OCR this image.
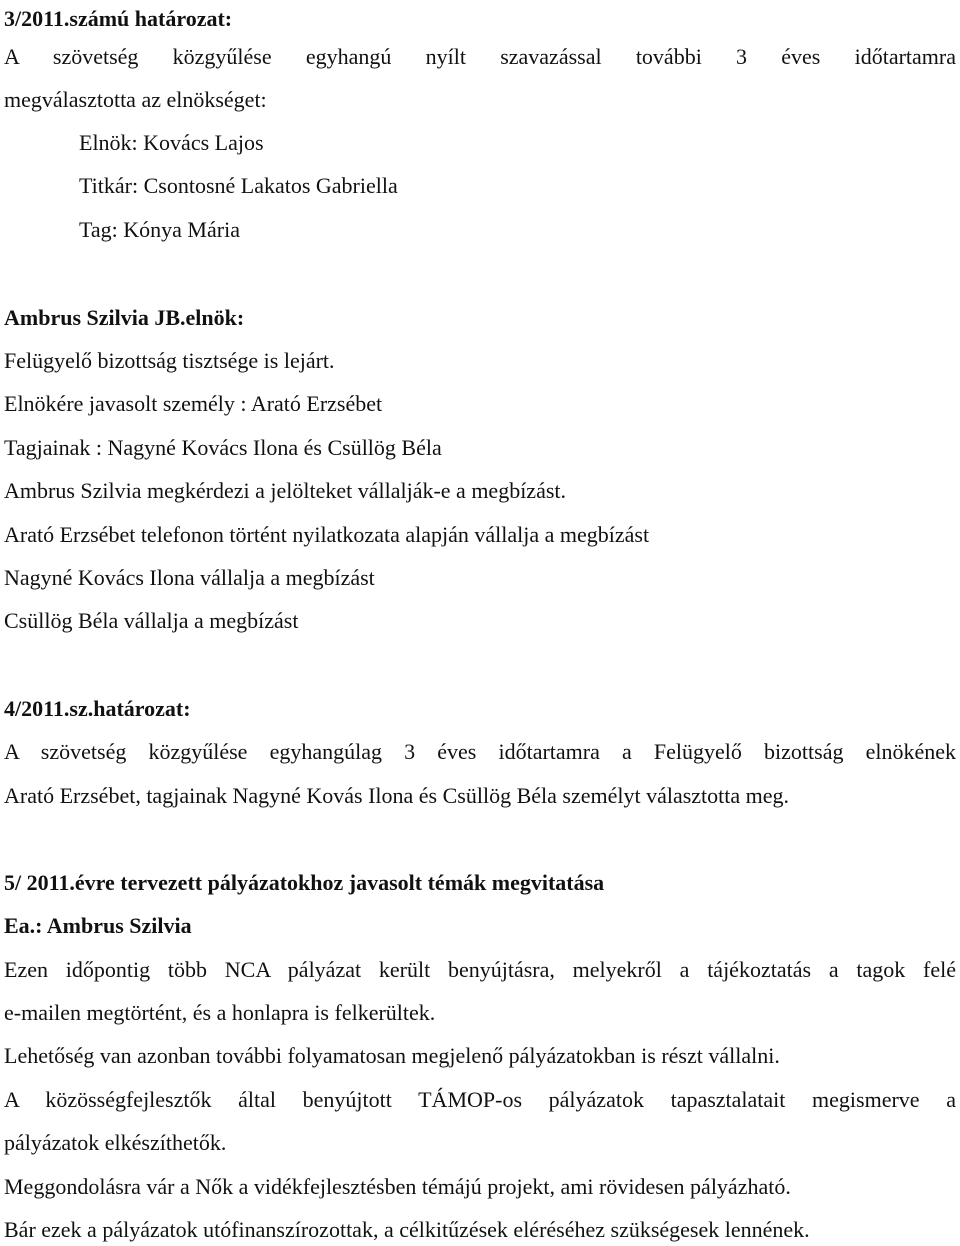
3/2011.számú határozat:
A szövetség közgyűlése egyhangú nyílt szavazással további 3 éves időtartamra
megválasztotta az elnökséget:
Elnök: Kovács Lajos
Titkár: Csontosné Lakatos Gabriella
Tag: Kónya Mária
Ambrus Szilvia JB.elnök:
Felügyelő bizottság tisztsége is lejárt.
Elnökére javasolt személy : Arató Erzsébet
Tagjainak : Nagyné Kovács Ilona és Csüllög Béla
Ambrus Szilvia megkérdezi a jelölteket vállalják-e a megbízást.
Arató Erzsébet telefonon történt nyilatkozata alapján vállalja a megbízást
Nagyné Kovács Ilona vállalja a megbízást
Csüllög Béla vállalja a megbízást
4/2011.sz.határozat:
A szövetség közgyűlése egyhangúlag 3 éves időtartamra a Felügyelő bizottság elnökének
Arató Erzsébet, tagjainak Nagyné Kovás Ilona és Csüllög Béla személyt választotta meg.
5/ 2011.évre tervezett pályázatokhoz javasolt témák megvitatása
Ea.: Ambrus Szilvia
Ezen időpontig több NCA pályázat került benyújtásra, melyekről a tájékoztatás a tagok felé
e-mailen megtörtént, és a honlapra is felkerültek.
Lehetőség van azonban további folyamatosan megjelenő pályázatokban is részt vállalni.
A közösségfejlesztők által benyújtott TÁMOP-os pályázatok tapasztalatait megismerve a
pályázatok elkészíthetők.
Meggondolásra vár a Nők a vidékfejlesztésben témájú projekt, ami rövidesen pályázható.
Bár ezek a pályázatok utófinanszírozottak, a célkitűzések eléréséhez szükségesek lennének.
